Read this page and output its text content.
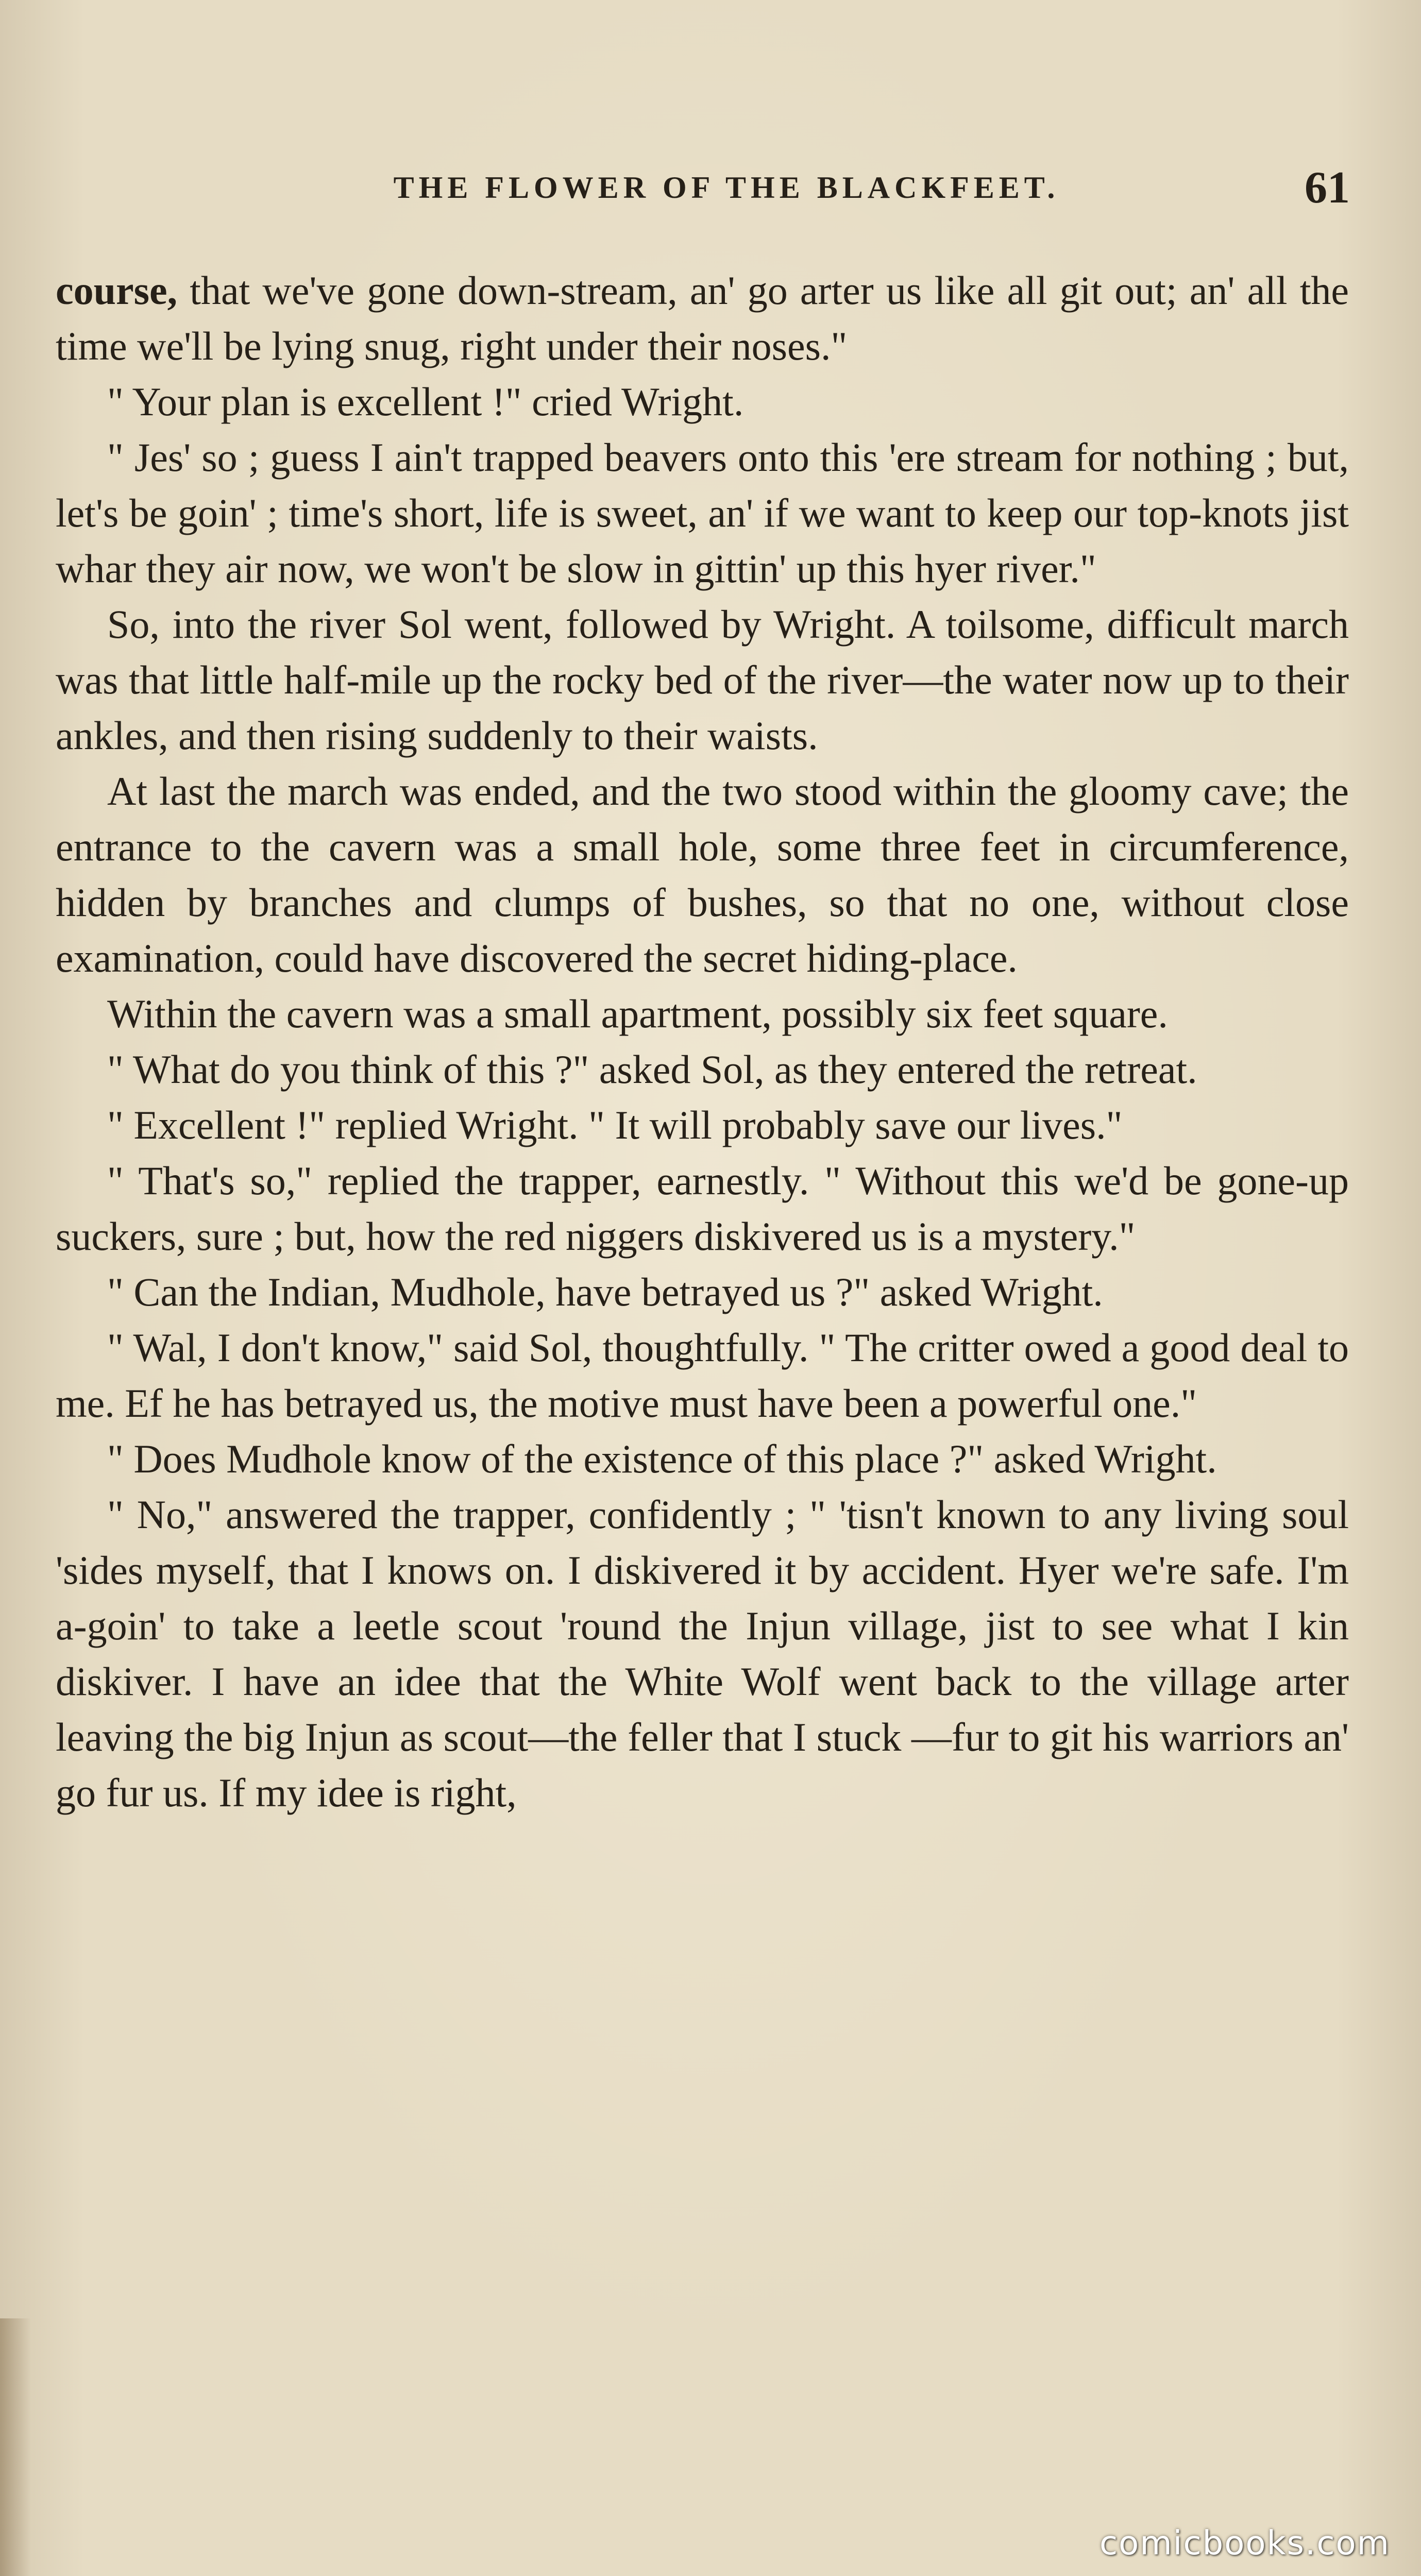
THE FLOWER OF THE BLACKFEET.	61

course, that we've gone down-stream, an' go arter us like all git out; an' all the time we'll be lying snug, right under their noses."

" Your plan is excellent !" cried Wright.

" Jes' so ; guess I ain't trapped beavers onto this 'ere stream for nothing ; but, let's be goin' ; time's short, life is sweet, an' if we want to keep our top-knots jist whar they air now, we won't be slow in gittin' up this hyer river."

So, into the river Sol went, followed by Wright. A toilsome, difficult march was that little half-mile up the rocky bed of the river—the water now up to their ankles, and then rising suddenly to their waists.

At last the march was ended, and the two stood within the gloomy cave; the entrance to the cavern was a small hole, some three feet in circumference, hidden by branches and clumps of bushes, so that no one, without close examination, could have discovered the secret hiding-place.

Within the cavern was a small apartment, possibly six feet square.

" What do you think of this ?" asked Sol, as they entered the retreat.

" Excellent !" replied Wright. " It will probably save our lives."

" That's so," replied the trapper, earnestly. " Without this we'd be gone-up suckers, sure ; but, how the red niggers diskivered us is a mystery."

" Can the Indian, Mudhole, have betrayed us ?" asked Wright.

" Wal, I don't know," said Sol, thoughtfully. " The critter owed a good deal to me. Ef he has betrayed us, the motive must have been a powerful one."

" Does Mudhole know of the existence of this place ?" asked Wright.

" No," answered the trapper, confidently ; " 'tisn't known to any living soul 'sides myself, that I knows on. I diskivered it by accident. Hyer we're safe. I'm a-goin' to take a leetle scout 'round the Injun village, jist to see what I kin diskiver. I have an idee that the White Wolf went back to the village arter leaving the big Injun as scout—the feller that I stuck —fur to git his warriors an' go fur us. If my idee is right,

comicbooks.com
